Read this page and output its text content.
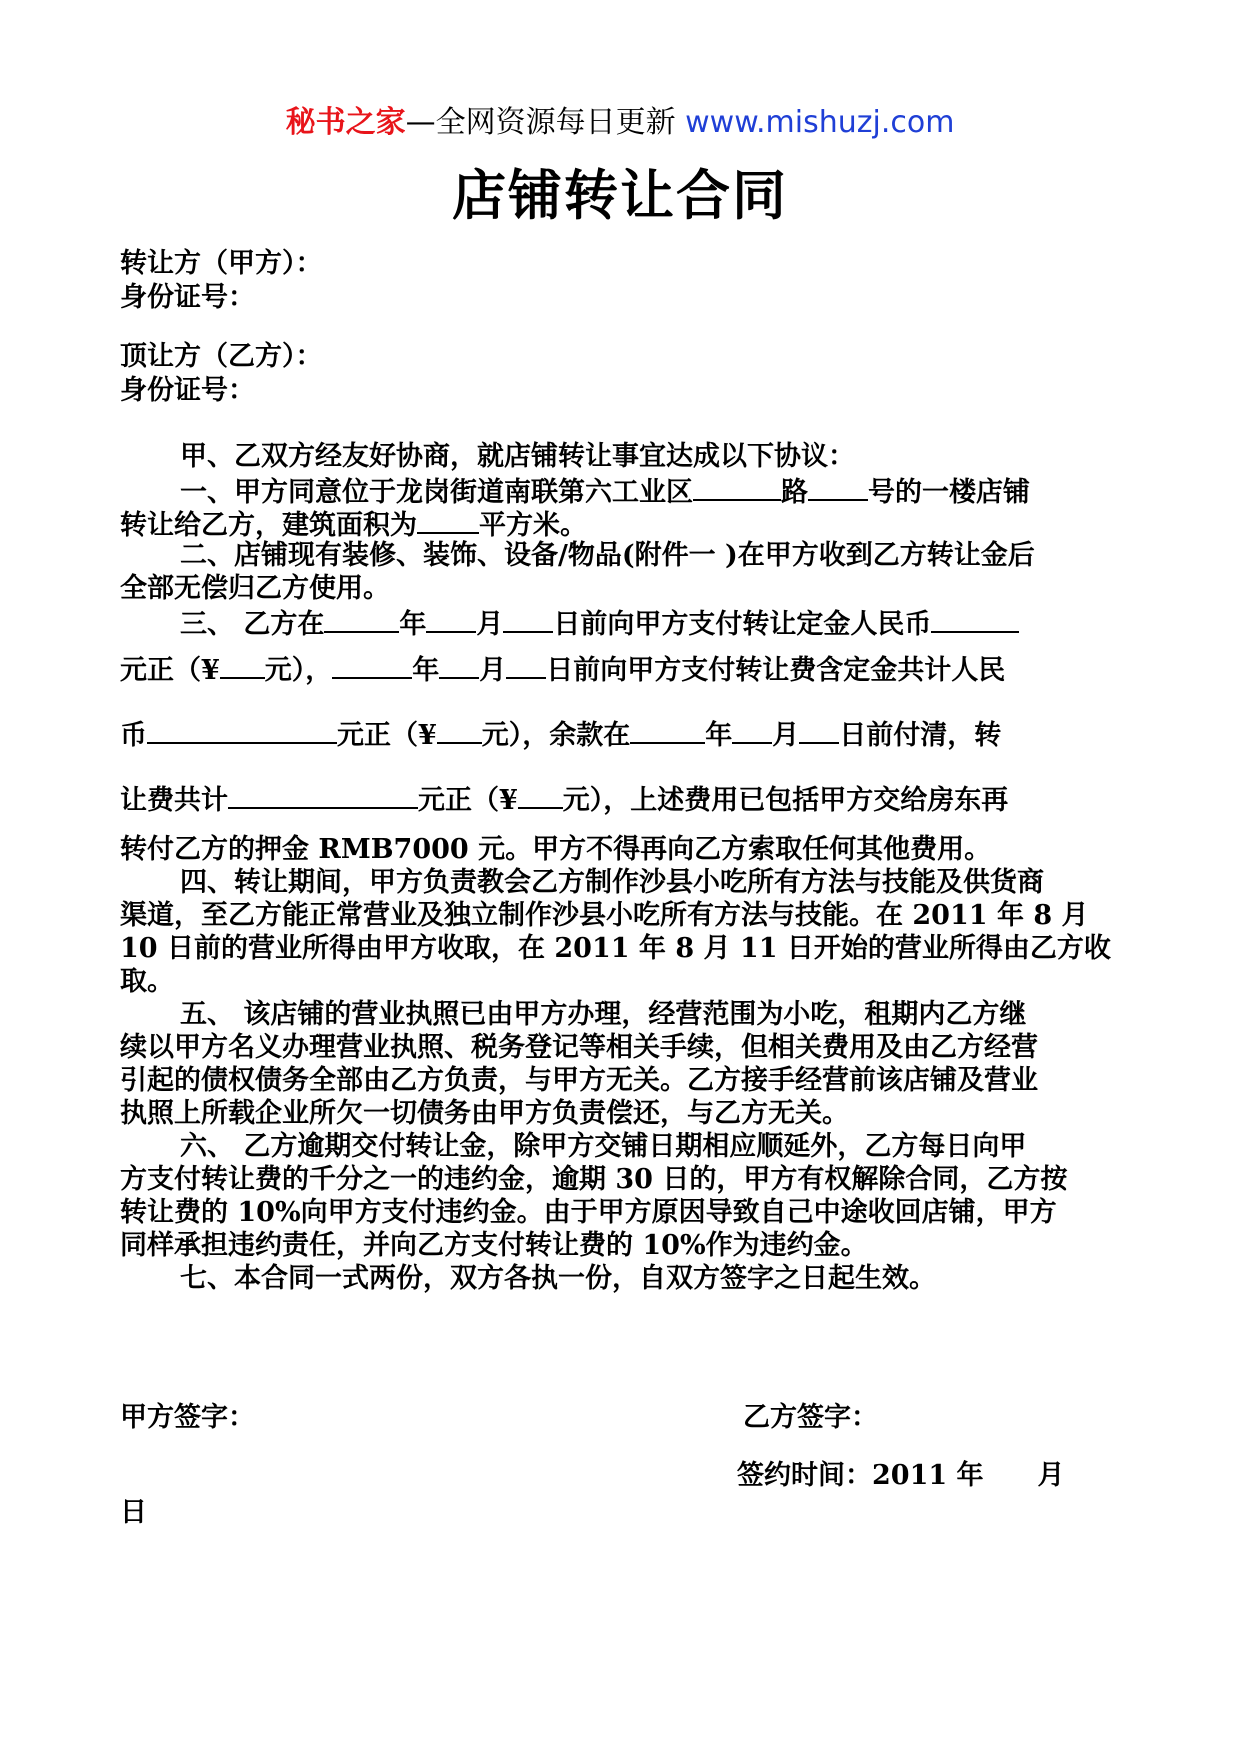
秘书之家—全网资源每日更新 www.mishuzj.com
店铺转让合同
转让方（甲方）：
身份证号：
顶让方（乙方）：
身份证号：
甲、乙双方经友好协商，就店铺转让事宜达成以下协议：
一、甲方同意位于龙岗街道南联第六工业区	路 号的一楼店铺
转让给乙方，建筑面积为 平方米。
二、店铺现有装修、装饰、设备/物品(附件一 )在甲方收到乙方转让金后
全部无偿归乙方使用。
三、 乙方在	年 月 日前向甲方支付转让定金人民币
元正（¥ 元），	年 月 日前向甲方支付转让费含定金共计人民
币	元正（¥ 元），余款在	年 月 日前付清，转
让费共计	元正（¥ 元），上述费用已包括甲方交给房东再
转付乙方的押金 RMB7000 元。甲方不得再向乙方索取任何其他费用。
四、转让期间，甲方负责教会乙方制作沙县小吃所有方法与技能及供货商
渠道，至乙方能正常营业及独立制作沙县小吃所有方法与技能。在 2011 年 8 月
10 日前的营业所得由甲方收取，在 2011 年 8 月 11 日开始的营业所得由乙方收
取。
五、 该店铺的营业执照已由甲方办理，经营范围为小吃，租期内乙方继
续以甲方名义办理营业执照、税务登记等相关手续，但相关费用及由乙方经营
引起的债权债务全部由乙方负责，与甲方无关。乙方接手经营前该店铺及营业
执照上所载企业所欠一切债务由甲方负责偿还，与乙方无关。
六、 乙方逾期交付转让金，除甲方交铺日期相应顺延外，乙方每日向甲
方支付转让费的千分之一的违约金，逾期 30 日的，甲方有权解除合同，乙方按
转让费的 10%向甲方支付违约金。由于甲方原因导致自己中途收回店铺，甲方
同样承担违约责任，并向乙方支付转让费的 10%作为违约金。
七、本合同一式两份，双方各执一份，自双方签字之日起生效。
甲方签字：	乙方签字：
签约时间：2011 年　　月
日
